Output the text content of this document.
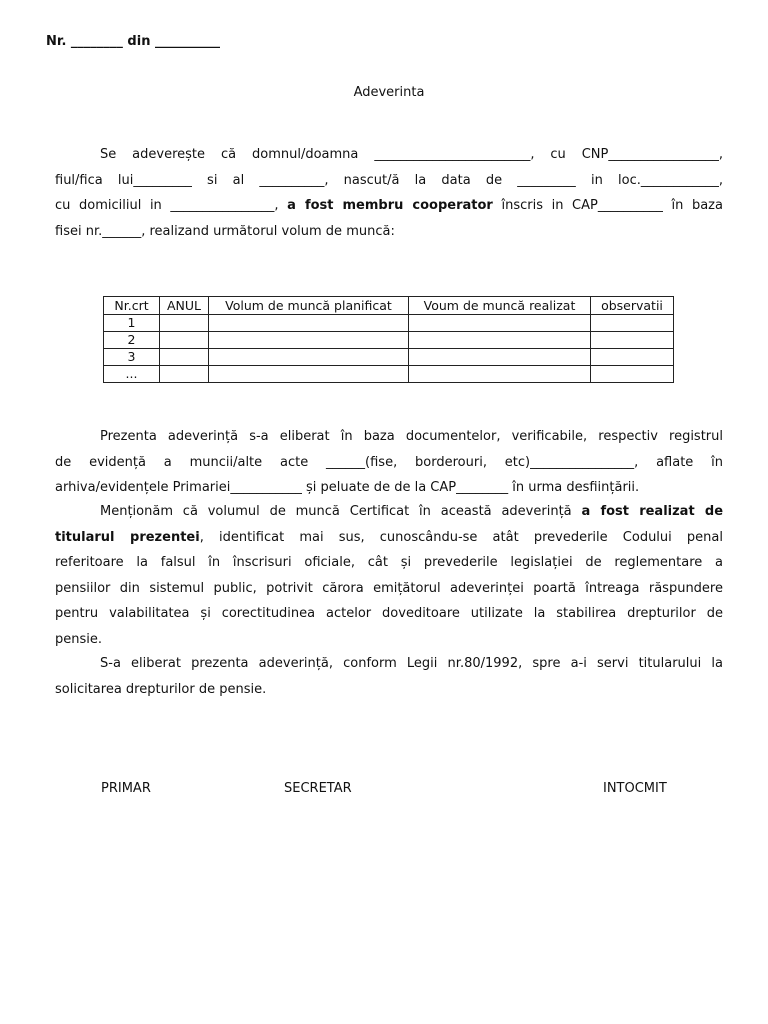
Nr. ________ din __________
Adeverinta
Se adeverește că domnul/doamna ________________________, cu CNP_________________,
fiul/fica lui_________ si al __________, nascut/ă la data de _________ in loc.____________,
cu domiciliul in ________________, a fost membru cooperator înscris in CAP__________ în baza
fisei nr.______, realizand următorul volum de muncă:
Nr.crt	ANUL	Volum de muncă planificat	Voum de muncă realizat	observatii
1				
2				
3				
...				
Prezenta adeverință s-a eliberat în baza documentelor, verificabile, respectiv registrul
de evidență a muncii/alte acte ______(fise, borderouri, etc)________________, aflate în
arhiva/evidențele Primariei___________ și peluate de de la CAP________ în urma desființării.
Menționăm că volumul de muncă Certificat în această adeverință a fost realizat de
titularul prezentei, identificat mai sus, cunoscându-se atât prevederile Codului penal
referitoare la falsul în înscrisuri oficiale, cât și prevederile legislației de reglementare a
pensiilor din sistemul public, potrivit cărora emițătorul adeverinței poartă întreaga răspundere
pentru valabilitatea și corectitudinea actelor doveditoare utilizate la stabilirea drepturilor de
pensie.
S-a eliberat prezenta adeverință, conform Legii nr.80/1992, spre a-i servi titularului la
solicitarea drepturilor de pensie.
PRIMAR	SECRETAR	INTOCMIT
